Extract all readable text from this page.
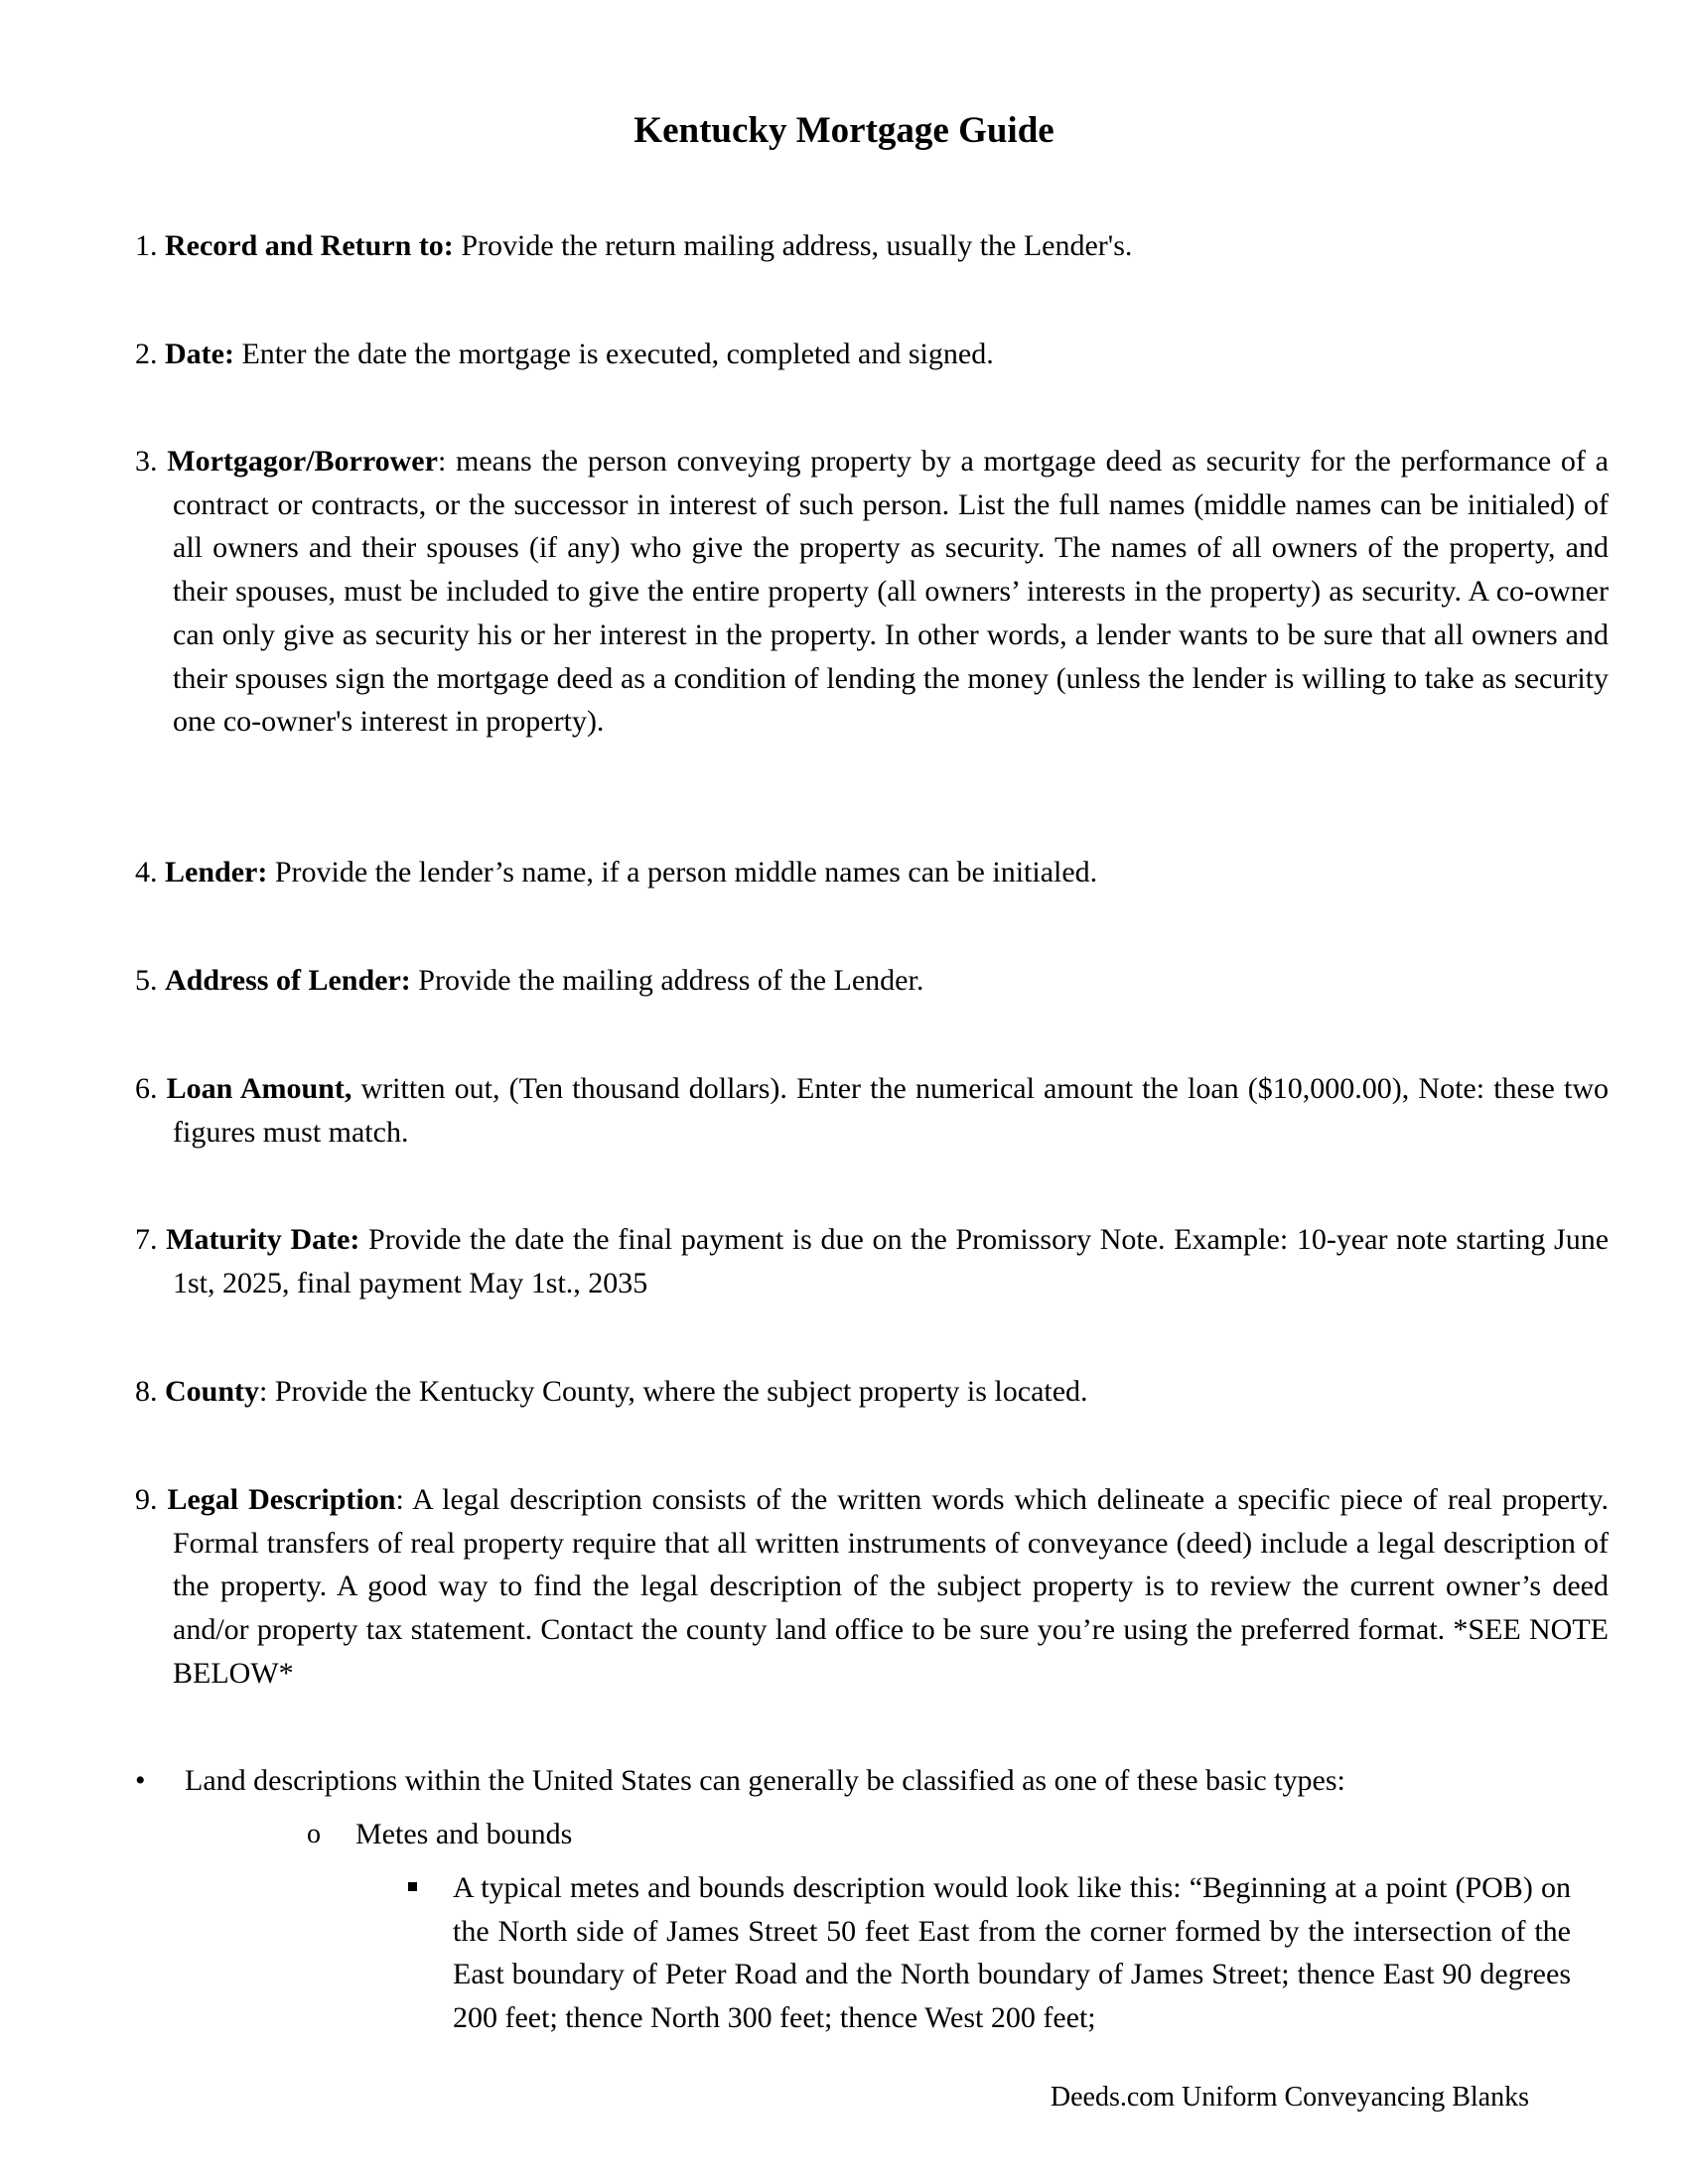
Kentucky Mortgage Guide

1. Record and Return to: Provide the return mailing address, usually the Lender's.

2. Date: Enter the date the mortgage is executed, completed and signed.

3. Mortgagor/Borrower: means the person conveying property by a mortgage deed as security for the performance of a contract or contracts, or the successor in interest of such person. List the full names (middle names can be initialed) of all owners and their spouses (if any) who give the property as security. The names of all owners of the property, and their spouses, must be included to give the entire property (all owners’ interests in the property) as security. A co-owner can only give as security his or her interest in the property. In other words, a lender wants to be sure that all owners and their spouses sign the mortgage deed as a condition of lending the money (unless the lender is willing to take as security one co-owner's interest in property).

4. Lender: Provide the lender’s name, if a person middle names can be initialed.

5. Address of Lender: Provide the mailing address of the Lender.

6. Loan Amount, written out, (Ten thousand dollars). Enter the numerical amount the loan ($10,000.00), Note: these two figures must match.

7. Maturity Date: Provide the date the final payment is due on the Promissory Note. Example: 10-year note starting June 1st, 2025, final payment May 1st., 2035

8. County: Provide the Kentucky County, where the subject property is located.

9. Legal Description: A legal description consists of the written words which delineate a specific piece of real property. Formal transfers of real property require that all written instruments of conveyance (deed) include a legal description of the property. A good way to find the legal description of the subject property is to review the current owner’s deed and/or property tax statement. Contact the county land office to be sure you’re using the preferred format. *SEE NOTE BELOW*

• Land descriptions within the United States can generally be classified as one of these basic types:

o Metes and bounds

A typical metes and bounds description would look like this: “Beginning at a point (POB) on the North side of James Street 50 feet East from the corner formed by the intersection of the East boundary of Peter Road and the North boundary of James Street; thence East 90 degrees 200 feet; thence North 300 feet; thence West 200 feet;

Deeds.com Uniform Conveyancing Blanks
